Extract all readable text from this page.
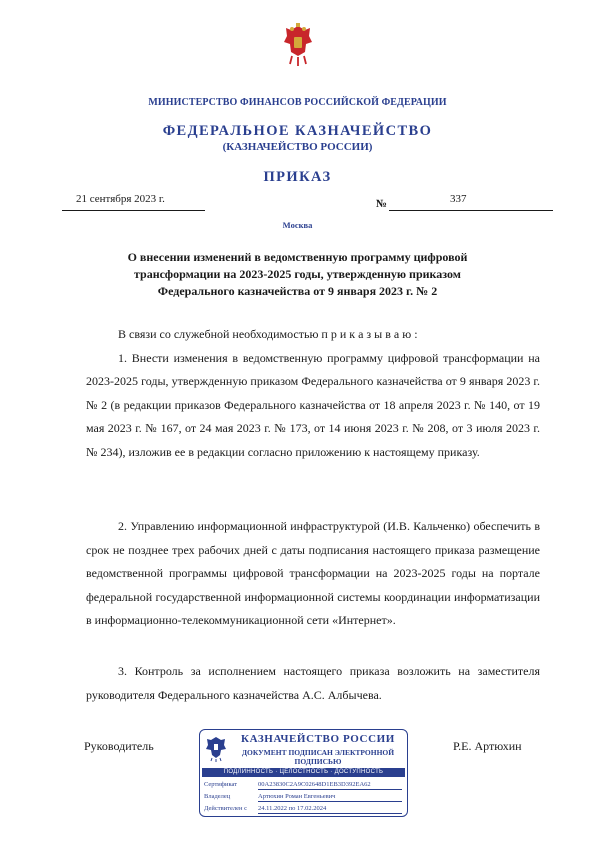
МИНИСТЕРСТВО ФИНАНСОВ РОССИЙСКОЙ ФЕДЕРАЦИИ
ФЕДЕРАЛЬНОЕ КАЗНАЧЕЙСТВО
(КАЗНАЧЕЙСТВО РОССИИ)
ПРИКАЗ
21 сентября 2023 г.	№	337
Москва
О внесении изменений в ведомственную программу цифровой
трансформации на 2023-2025 годы, утвержденную приказом
Федерального казначейства от 9 января 2023 г. № 2

В связи со служебной необходимостью п р и к а з ы в а ю :

1. Внести изменения в ведомственную программу цифровой трансформации на 2023-2025 годы, утвержденную приказом Федерального казначейства от 9 января 2023 г. № 2 (в редакции приказов Федерального казначейства от 18 апреля 2023 г. № 140, от 19 мая 2023 г. № 167, от 24 мая 2023 г. № 173, от 14 июня 2023 г. № 208, от 3 июля 2023 г. № 234), изложив ее в редакции согласно приложению к настоящему приказу.

2. Управлению информационной инфраструктурой (И.В. Кальченко) обеспечить в срок не позднее трех рабочих дней с даты подписания настоящего приказа размещение ведомственной программы цифровой трансформации на 2023-2025 годы на портале федеральной государственной информационной системы координации информатизации в информационно-телекоммуникационной сети «Интернет».

3. Контроль за исполнением настоящего приказа возложить на заместителя руководителя Федерального казначейства А.С. Албычева.

Руководитель	Р.Е. Артюхин
КАЗНАЧЕЙСТВО РОССИИ
ДОКУМЕНТ ПОДПИСАН ЭЛЕКТРОННОЙ
ПОДПИСЬЮ
ПОДЛИННОСТЬ · ЦЕЛОСТНОСТЬ · ДОСТУПНОСТЬ
Сертификат	00A23830C2A9C02648D1EB3D392EA62
Владелец	Артюхин Роман Евгеньевич
Действителен с 24.11.2022 по 17.02.2024
